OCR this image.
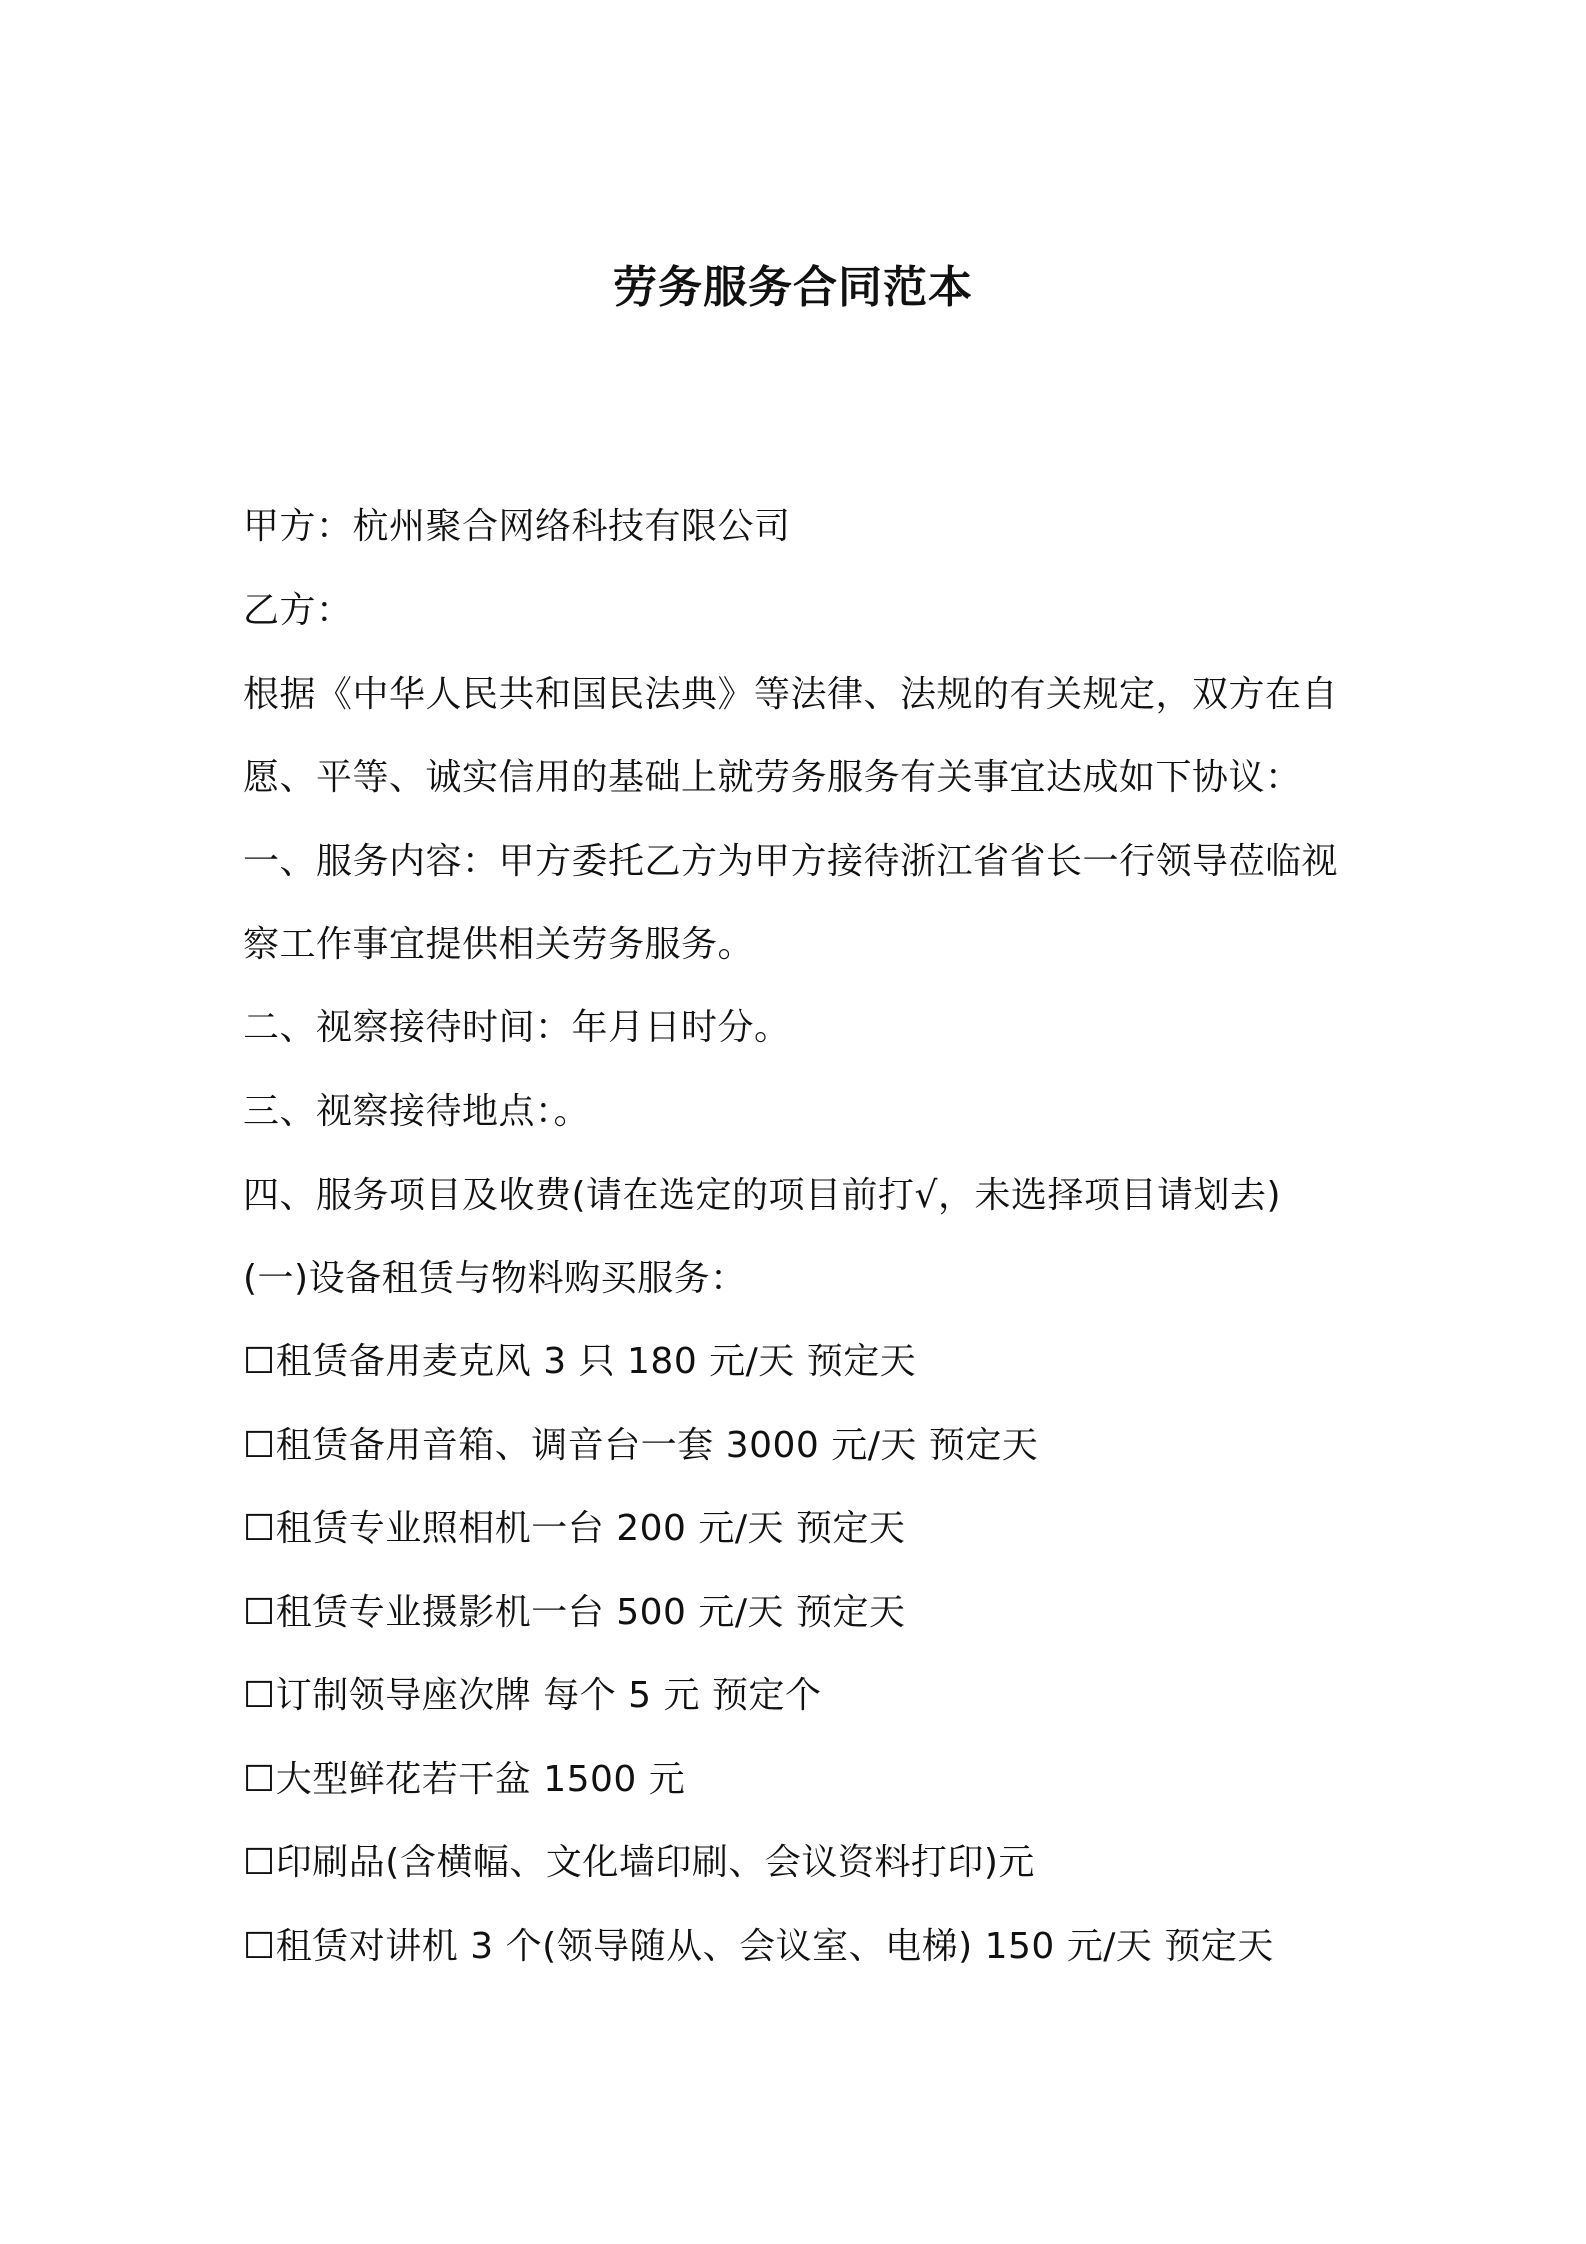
劳务服务合同范本
甲方：杭州聚合网络科技有限公司
乙方：
根据《中华人民共和国民法典》等法律、法规的有关规定，双方在自
愿、平等、诚实信用的基础上就劳务服务有关事宜达成如下协议：
一、服务内容：甲方委托乙方为甲方接待浙江省省长一行领导莅临视
察工作事宜提供相关劳务服务。
二、视察接待时间：年月日时分。
三、视察接待地点：。
四、服务项目及收费(请在选定的项目前打√，未选择项目请划去)
(一)设备租赁与物料购买服务：
☐租赁备用麦克风 3 只 180 元/天 预定天
☐租赁备用音箱、调音台一套 3000 元/天 预定天
☐租赁专业照相机一台 200 元/天 预定天
☐租赁专业摄影机一台 500 元/天 预定天
☐订制领导座次牌 每个 5 元 预定个
☐大型鲜花若干盆 1500 元
☐印刷品(含横幅、文化墙印刷、会议资料打印)元
☐租赁对讲机 3 个(领导随从、会议室、电梯) 150 元/天 预定天
